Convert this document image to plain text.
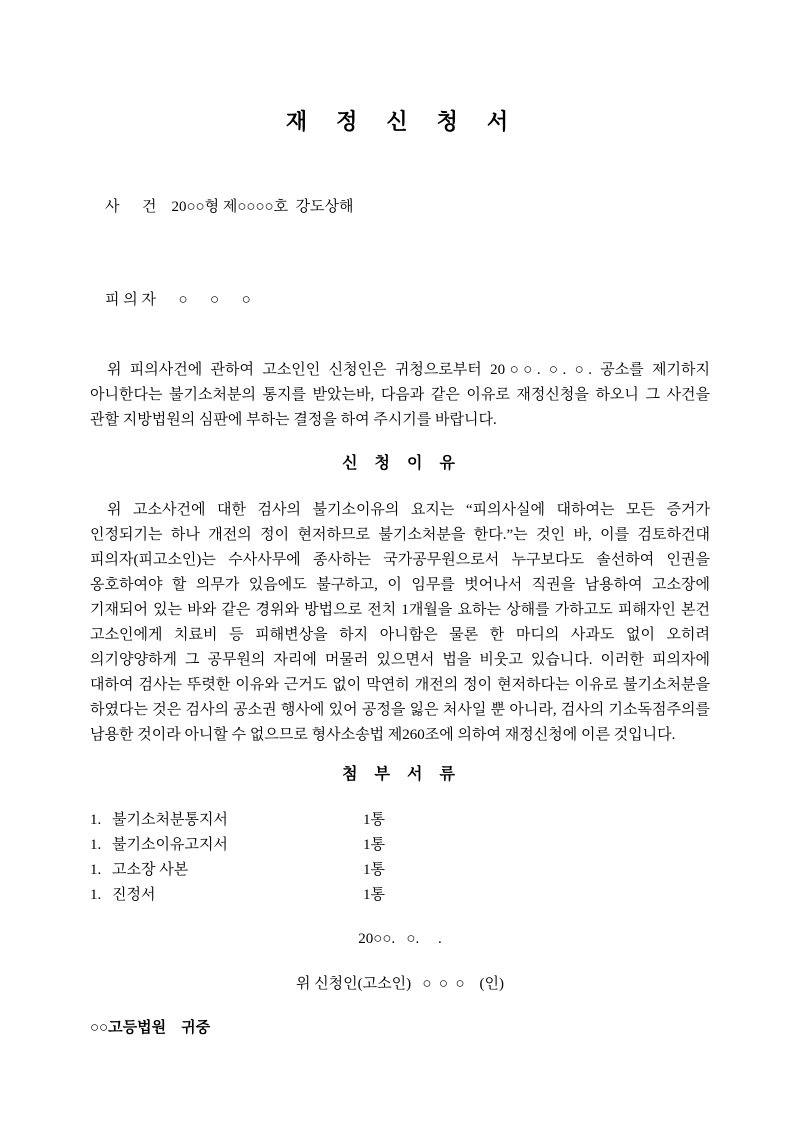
재  정  신  청  서

사      건 20○○형 제○○○○호  강도상해

피 의 자 ○      ○      ○

위 피의사건에 관하여 고소인인 신청인은 귀청으로부터 20○○. ○. ○. 공소를 제기하지 아니한다는 불기소처분의 통지를 받았는바, 다음과 같은 이유로 재정신청을 하오니 그 사건을 관할 지방법원의 심판에 부하는 결정을 하여 주시기를 바랍니다.
신  청  이  유
위 고소사건에 대한 검사의 불기소이유의 요지는 “피의사실에 대하여는 모든 증거가 인정되기는 하나 개전의 정이 현저하므로 불기소처분을 한다.”는 것인 바, 이를 검토하건대 피의자(피고소인)는 수사사무에 종사하는 국가공무원으로서 누구보다도 솔선하여 인권을 옹호하여야 할 의무가 있음에도 불구하고, 이 임무를 벗어나서 직권을 남용하여 고소장에 기재되어 있는 바와 같은 경위와 방법으로 전치 1개월을 요하는 상해를 가하고도 피해자인 본건 고소인에게 치료비 등 피해변상을 하지 아니함은 물론 한 마디의 사과도 없이 오히려 의기양양하게 그 공무원의 자리에 머물러 있으면서 법을 비웃고 있습니다. 이러한 피의자에 대하여 검사는 뚜렷한 이유와 근거도 없이 막연히 개전의 정이 현저하다는 이유로 불기소처분을 하였다는 것은 검사의 공소권 행사에 있어 공정을 잃은 처사일 뿐 아니라, 검사의 기소독점주의를 남용한 것이라 아니할 수 없으므로 형사소송법 제260조에 의하여 재정신청에 이른 것입니다.
첨  부  서  류
1. 불기소처분통지서	1통
1. 불기소이유고지서	1통
1. 고소장 사본	1통
1. 진정서	1통
20○○.   ○.     .
위 신청인(고소인)   ○  ○  ○    (인)
○○고등법원    귀중
